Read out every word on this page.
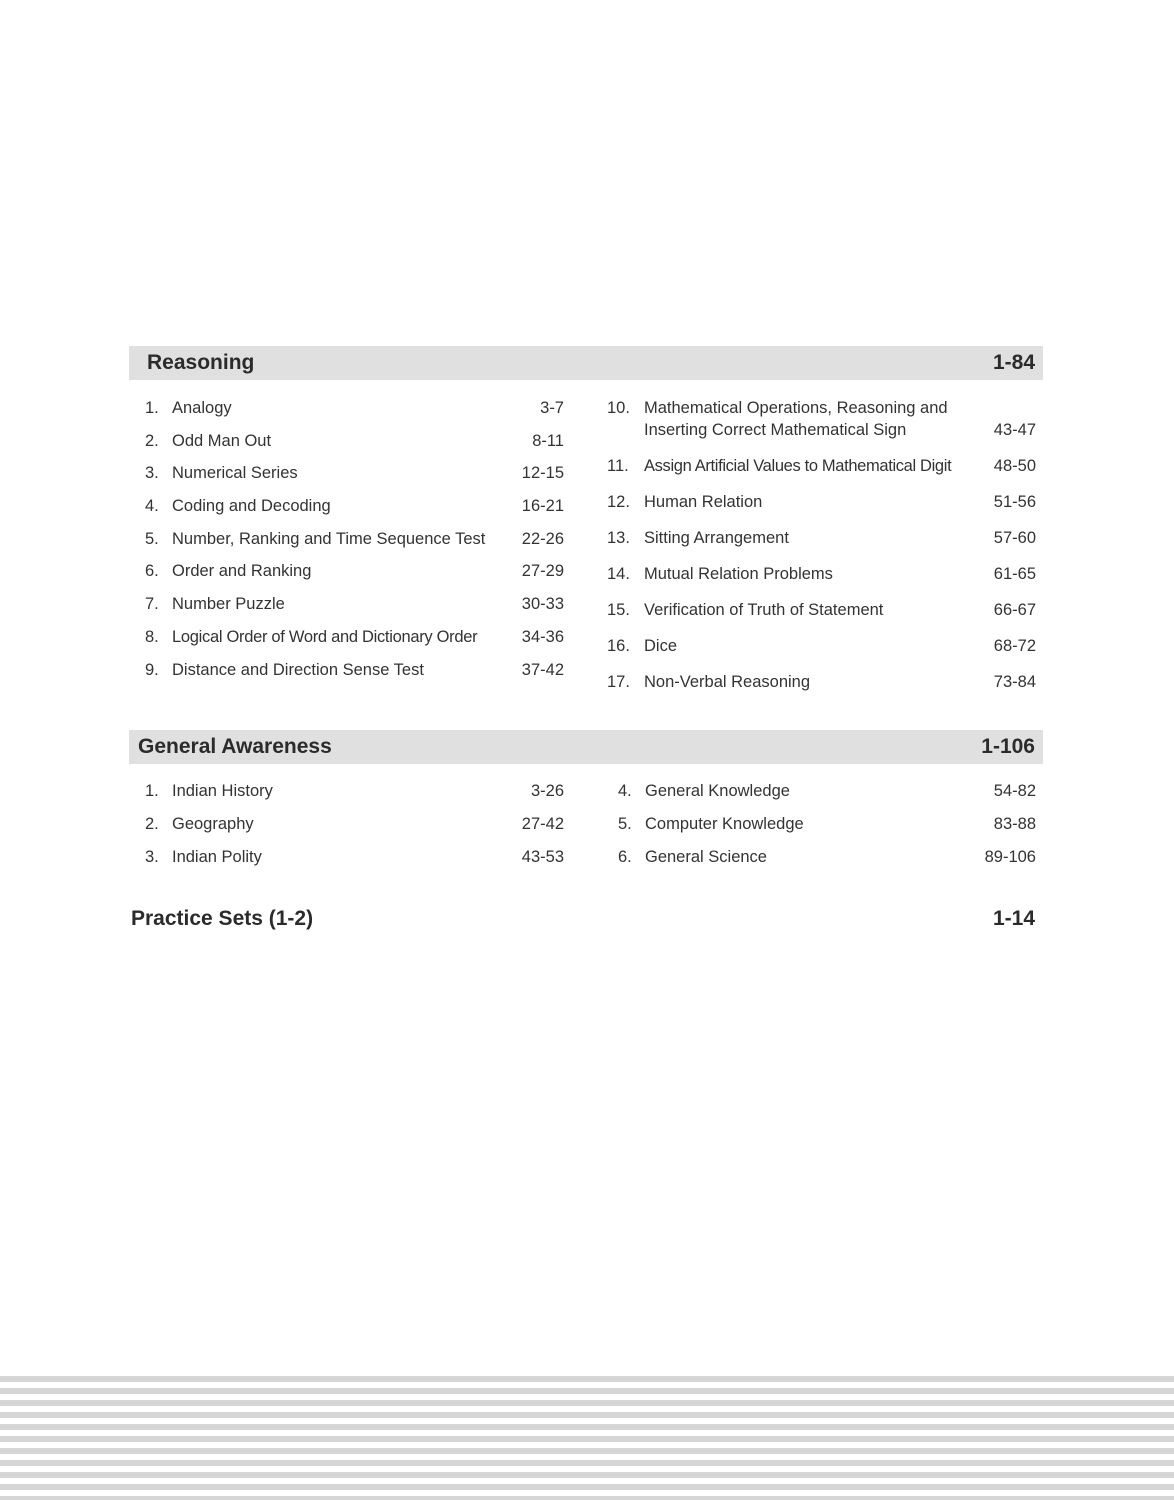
Reasoning	1-84
1. Analogy	3-7
2. Odd Man Out	8-11
3. Numerical Series	12-15
4. Coding and Decoding	16-21
5. Number, Ranking and Time Sequence Test 22-26
6. Order and Ranking	27-29
7. Number Puzzle	30-33
8. Logical Order of Word and Dictionary Order	34-36
9. Distance and Direction Sense Test	37-42
10. Mathematical Operations, Reasoning and Inserting Correct Mathematical Sign	43-47
11. Assign Artificial Values to Mathematical Digit	48-50
12. Human Relation	51-56
13. Sitting Arrangement	57-60
14. Mutual Relation Problems	61-65
15. Verification of Truth of Statement	66-67
16. Dice	68-72
17. Non-Verbal Reasoning	73-84
General Awareness	1-106
1. Indian History	3-26
2. Geography	27-42
3. Indian Polity	43-53
4. General Knowledge	54-82
5. Computer Knowledge	83-88
6. General Science	89-106
Practice Sets (1-2)	1-14
